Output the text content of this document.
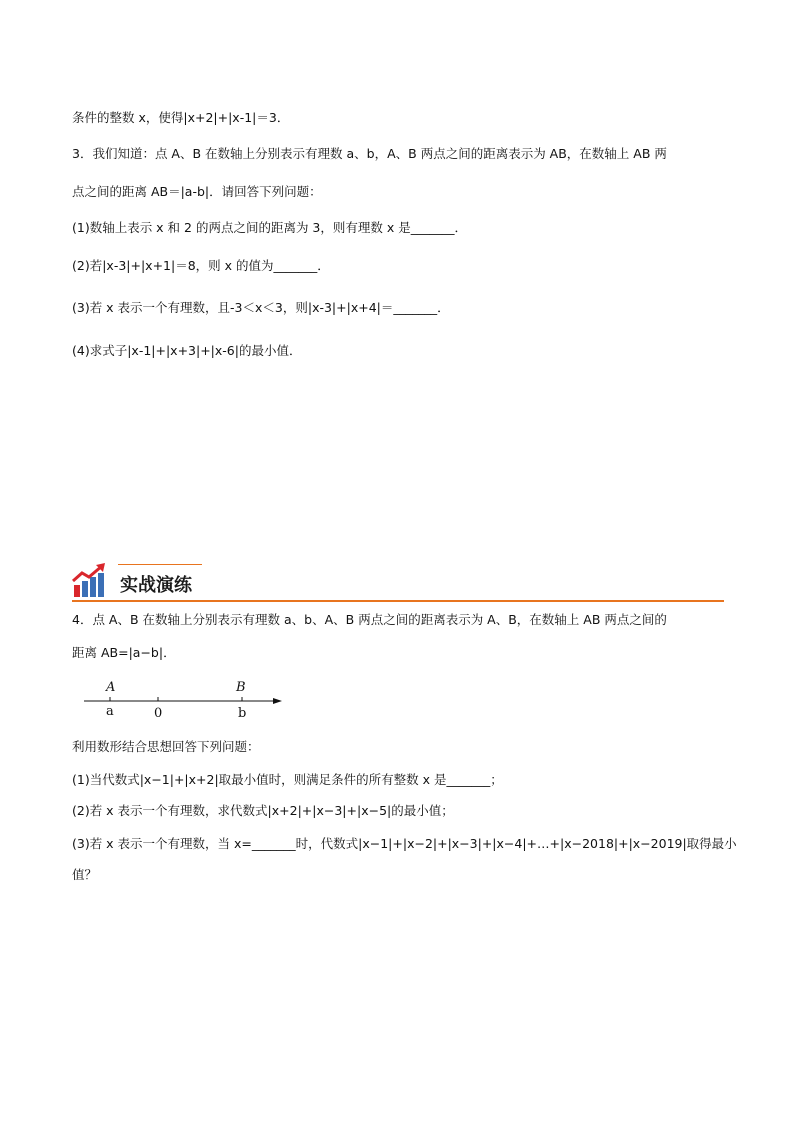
条件的整数 x，使得|x+2|+|x-1|＝3．
3．我们知道：点 A、B 在数轴上分别表示有理数 a、b，A、B 两点之间的距离表示为 AB，在数轴上 AB 两
点之间的距离 AB＝|a-b|．请回答下列问题：
(1)数轴上表示 x 和 2 的两点之间的距离为 3，则有理数 x 是_______．
(2)若|x-3|+|x+1|＝8，则 x 的值为_______．
(3)若 x 表示一个有理数，且-3＜x＜3，则|x-3|+|x+4|＝_______．
(4)求式子|x-1|+|x+3|+|x-6|的最小值．
实战演练
4．点 A、B 在数轴上分别表示有理数 a、b、A、B 两点之间的距离表示为 A、B，在数轴上 AB 两点之间的
距离 AB=|a−b|．
A	B
a	0	b
利用数形结合思想回答下列问题：
(1)当代数式|x−1|+|x+2|取最小值时，则满足条件的所有整数 x 是_______；
(2)若 x 表示一个有理数，求代数式|x+2|+|x−3|+|x−5|的最小值；
(3)若 x 表示一个有理数，当 x=_______时，代数式|x−1|+|x−2|+|x−3|+|x−4|+…+|x−2018|+|x−2019|取得最小
值？
